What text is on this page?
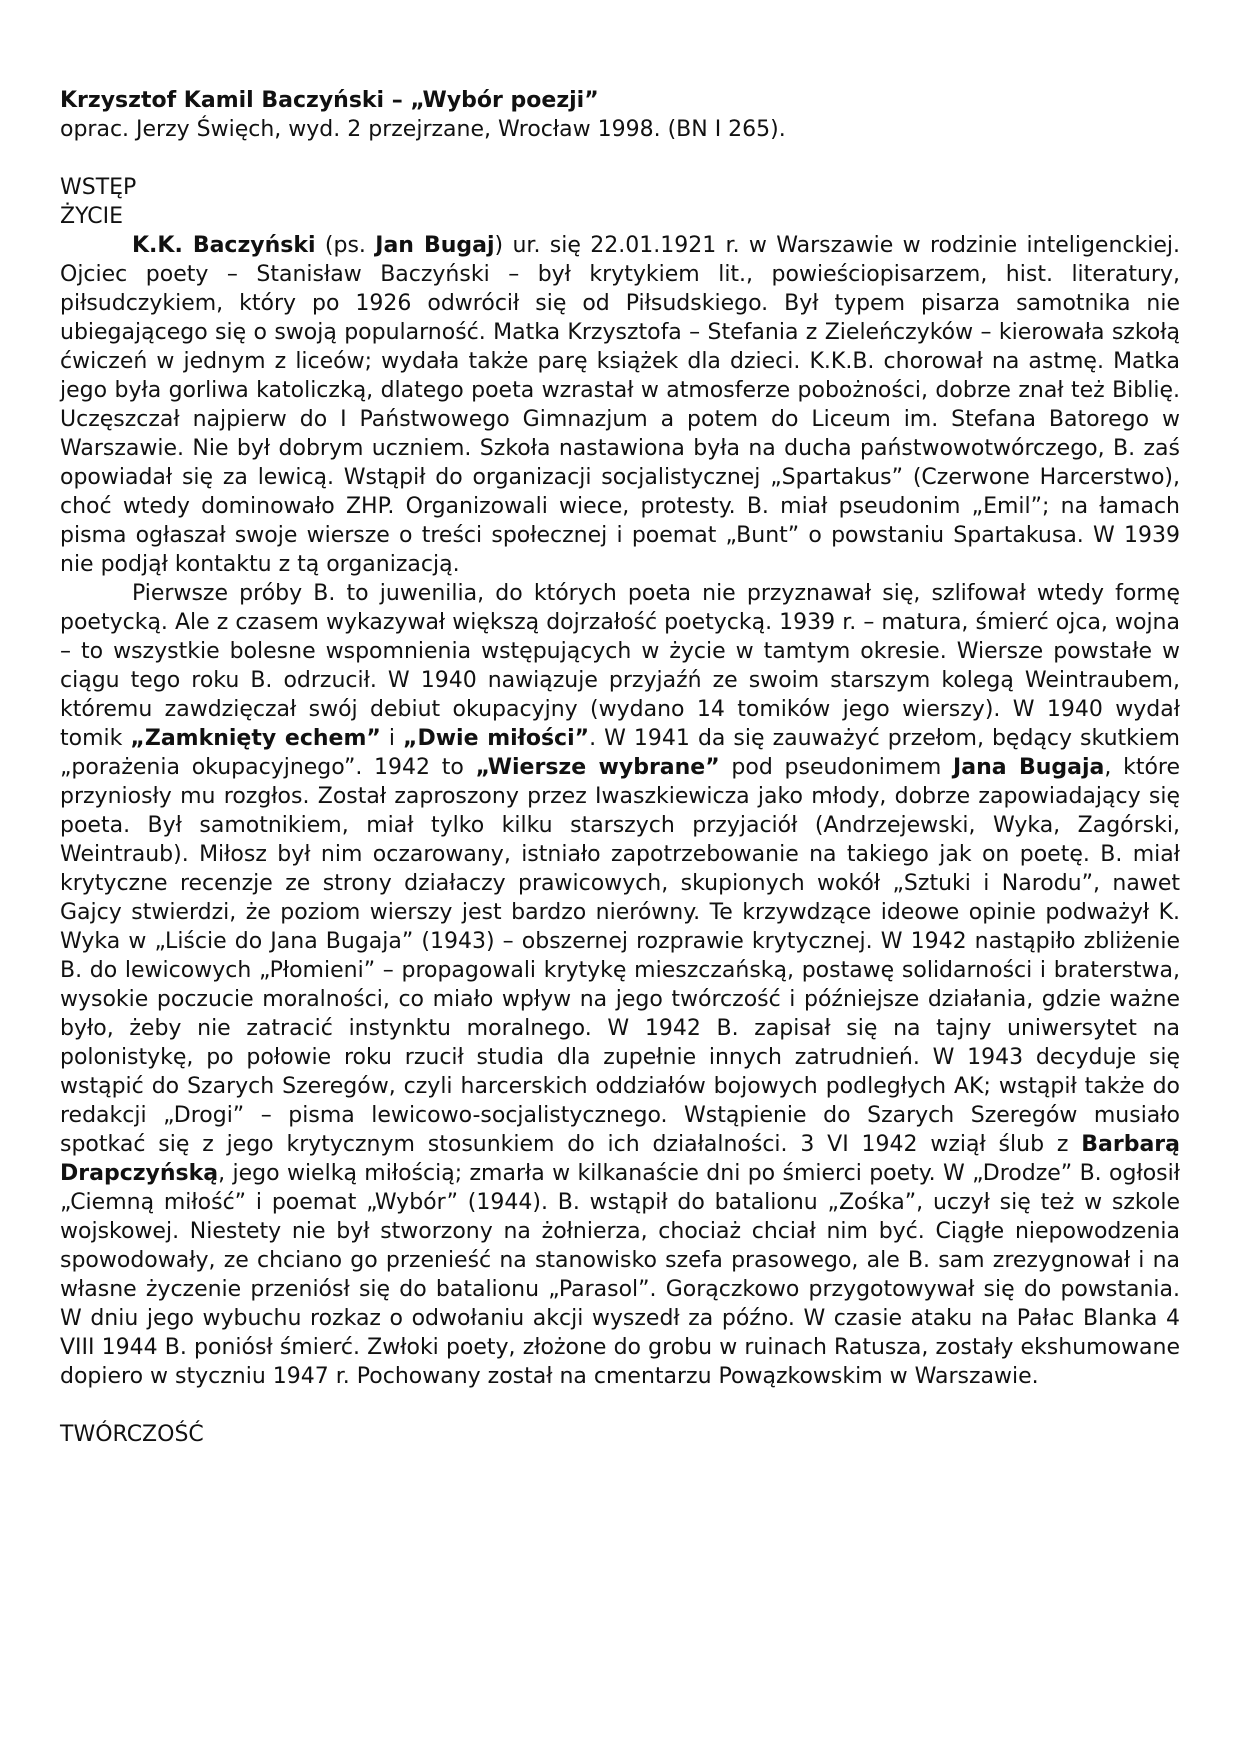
Krzysztof Kamil Baczyński – „Wybór poezji”

oprac. Jerzy Święch, wyd. 2 przejrzane, Wrocław 1998. (BN I 265).

WSTĘP

ŻYCIE

K.K. Baczyński (ps. Jan Bugaj) ur. się 22.01.1921 r. w Warszawie w rodzinie inteligenckiej. Ojciec poety – Stanisław Baczyński – był krytykiem lit., powieściopisarzem, hist. literatury, piłsudczykiem, który po 1926 odwrócił się od Piłsudskiego. Był typem pisarza samotnika nie ubiegającego się o swoją popularność. Matka Krzysztofa – Stefania z Zieleńczyków – kierowała szkołą ćwiczeń w jednym z liceów; wydała także parę książek dla dzieci. K.K.B. chorował na astmę. Matka jego była gorliwa katoliczką, dlatego poeta wzrastał w atmosferze pobożności, dobrze znał też Biblię. Uczęszczał najpierw do I Państwowego Gimnazjum a potem do Liceum im. Stefana Batorego w Warszawie. Nie był dobrym uczniem. Szkoła nastawiona była na ducha państwowotwórczego, B. zaś opowiadał się za lewicą. Wstąpił do organizacji socjalistycznej „Spartakus” (Czerwone Harcerstwo), choć wtedy dominowało ZHP. Organizowali wiece, protesty. B. miał pseudonim „Emil”; na łamach pisma ogłaszał swoje wiersze o treści społecznej i poemat „Bunt” o powstaniu Spartakusa. W 1939 nie podjął kontaktu z tą organizacją.

Pierwsze próby B. to juwenilia, do których poeta nie przyznawał się, szlifował wtedy formę poetycką. Ale z czasem wykazywał większą dojrzałość poetycką. 1939 r. – matura, śmierć ojca, wojna – to wszystkie bolesne wspomnienia wstępujących w życie w tamtym okresie. Wiersze powstałe w ciągu tego roku B. odrzucił. W 1940 nawiązuje przyjaźń ze swoim starszym kolegą Weintraubem, któremu zawdzięczał swój debiut okupacyjny (wydano 14 tomików jego wierszy). W 1940 wydał tomik „Zamknięty echem” i „Dwie miłości”. W 1941 da się zauważyć przełom, będący skutkiem „porażenia okupacyjnego”. 1942 to „Wiersze wybrane” pod pseudonimem Jana Bugaja, które przyniosły mu rozgłos. Został zaproszony przez Iwaszkiewicza jako młody, dobrze zapowiadający się poeta. Był samotnikiem, miał tylko kilku starszych przyjaciół (Andrzejewski, Wyka, Zagórski, Weintraub). Miłosz był nim oczarowany, istniało zapotrzebowanie na takiego jak on poetę. B. miał krytyczne recenzje ze strony działaczy prawicowych, skupionych wokół „Sztuki i Narodu”, nawet Gajcy stwierdzi, że poziom wierszy jest bardzo nierówny. Te krzywdzące ideowe opinie podważył K. Wyka w „Liście do Jana Bugaja” (1943) – obszernej rozprawie krytycznej. W 1942 nastąpiło zbliżenie B. do lewicowych „Płomieni” – propagowali krytykę mieszczańską, postawę solidarności i braterstwa, wysokie poczucie moralności, co miało wpływ na jego twórczość i późniejsze działania, gdzie ważne było, żeby nie zatracić instynktu moralnego. W 1942 B. zapisał się na tajny uniwersytet na polonistykę, po połowie roku rzucił studia dla zupełnie innych zatrudnień. W 1943 decyduje się wstąpić do Szarych Szeregów, czyli harcerskich oddziałów bojowych podległych AK; wstąpił także do redakcji „Drogi” – pisma lewicowo-socjalistycznego. Wstąpienie do Szarych Szeregów musiało spotkać się z jego krytycznym stosunkiem do ich działalności. 3 VI 1942 wziął ślub z Barbarą Drapczyńską, jego wielką miłością; zmarła w kilkanaście dni po śmierci poety. W „Drodze” B. ogłosił „Ciemną miłość” i poemat „Wybór” (1944). B. wstąpił do batalionu „Zośka”, uczył się też w szkole wojskowej. Niestety nie był stworzony na żołnierza, chociaż chciał nim być. Ciągłe niepowodzenia spowodowały, ze chciano go przenieść na stanowisko szefa prasowego, ale B. sam zrezygnował i na własne życzenie przeniósł się do batalionu „Parasol”. Gorączkowo przygotowywał się do powstania. W dniu jego wybuchu rozkaz o odwołaniu akcji wyszedł za późno. W czasie ataku na Pałac Blanka 4 VIII 1944 B. poniósł śmierć. Zwłoki poety, złożone do grobu w ruinach Ratusza, zostały ekshumowane dopiero w styczniu 1947 r. Pochowany został na cmentarzu Powązkowskim w Warszawie.

TWÓRCZOŚĆ
